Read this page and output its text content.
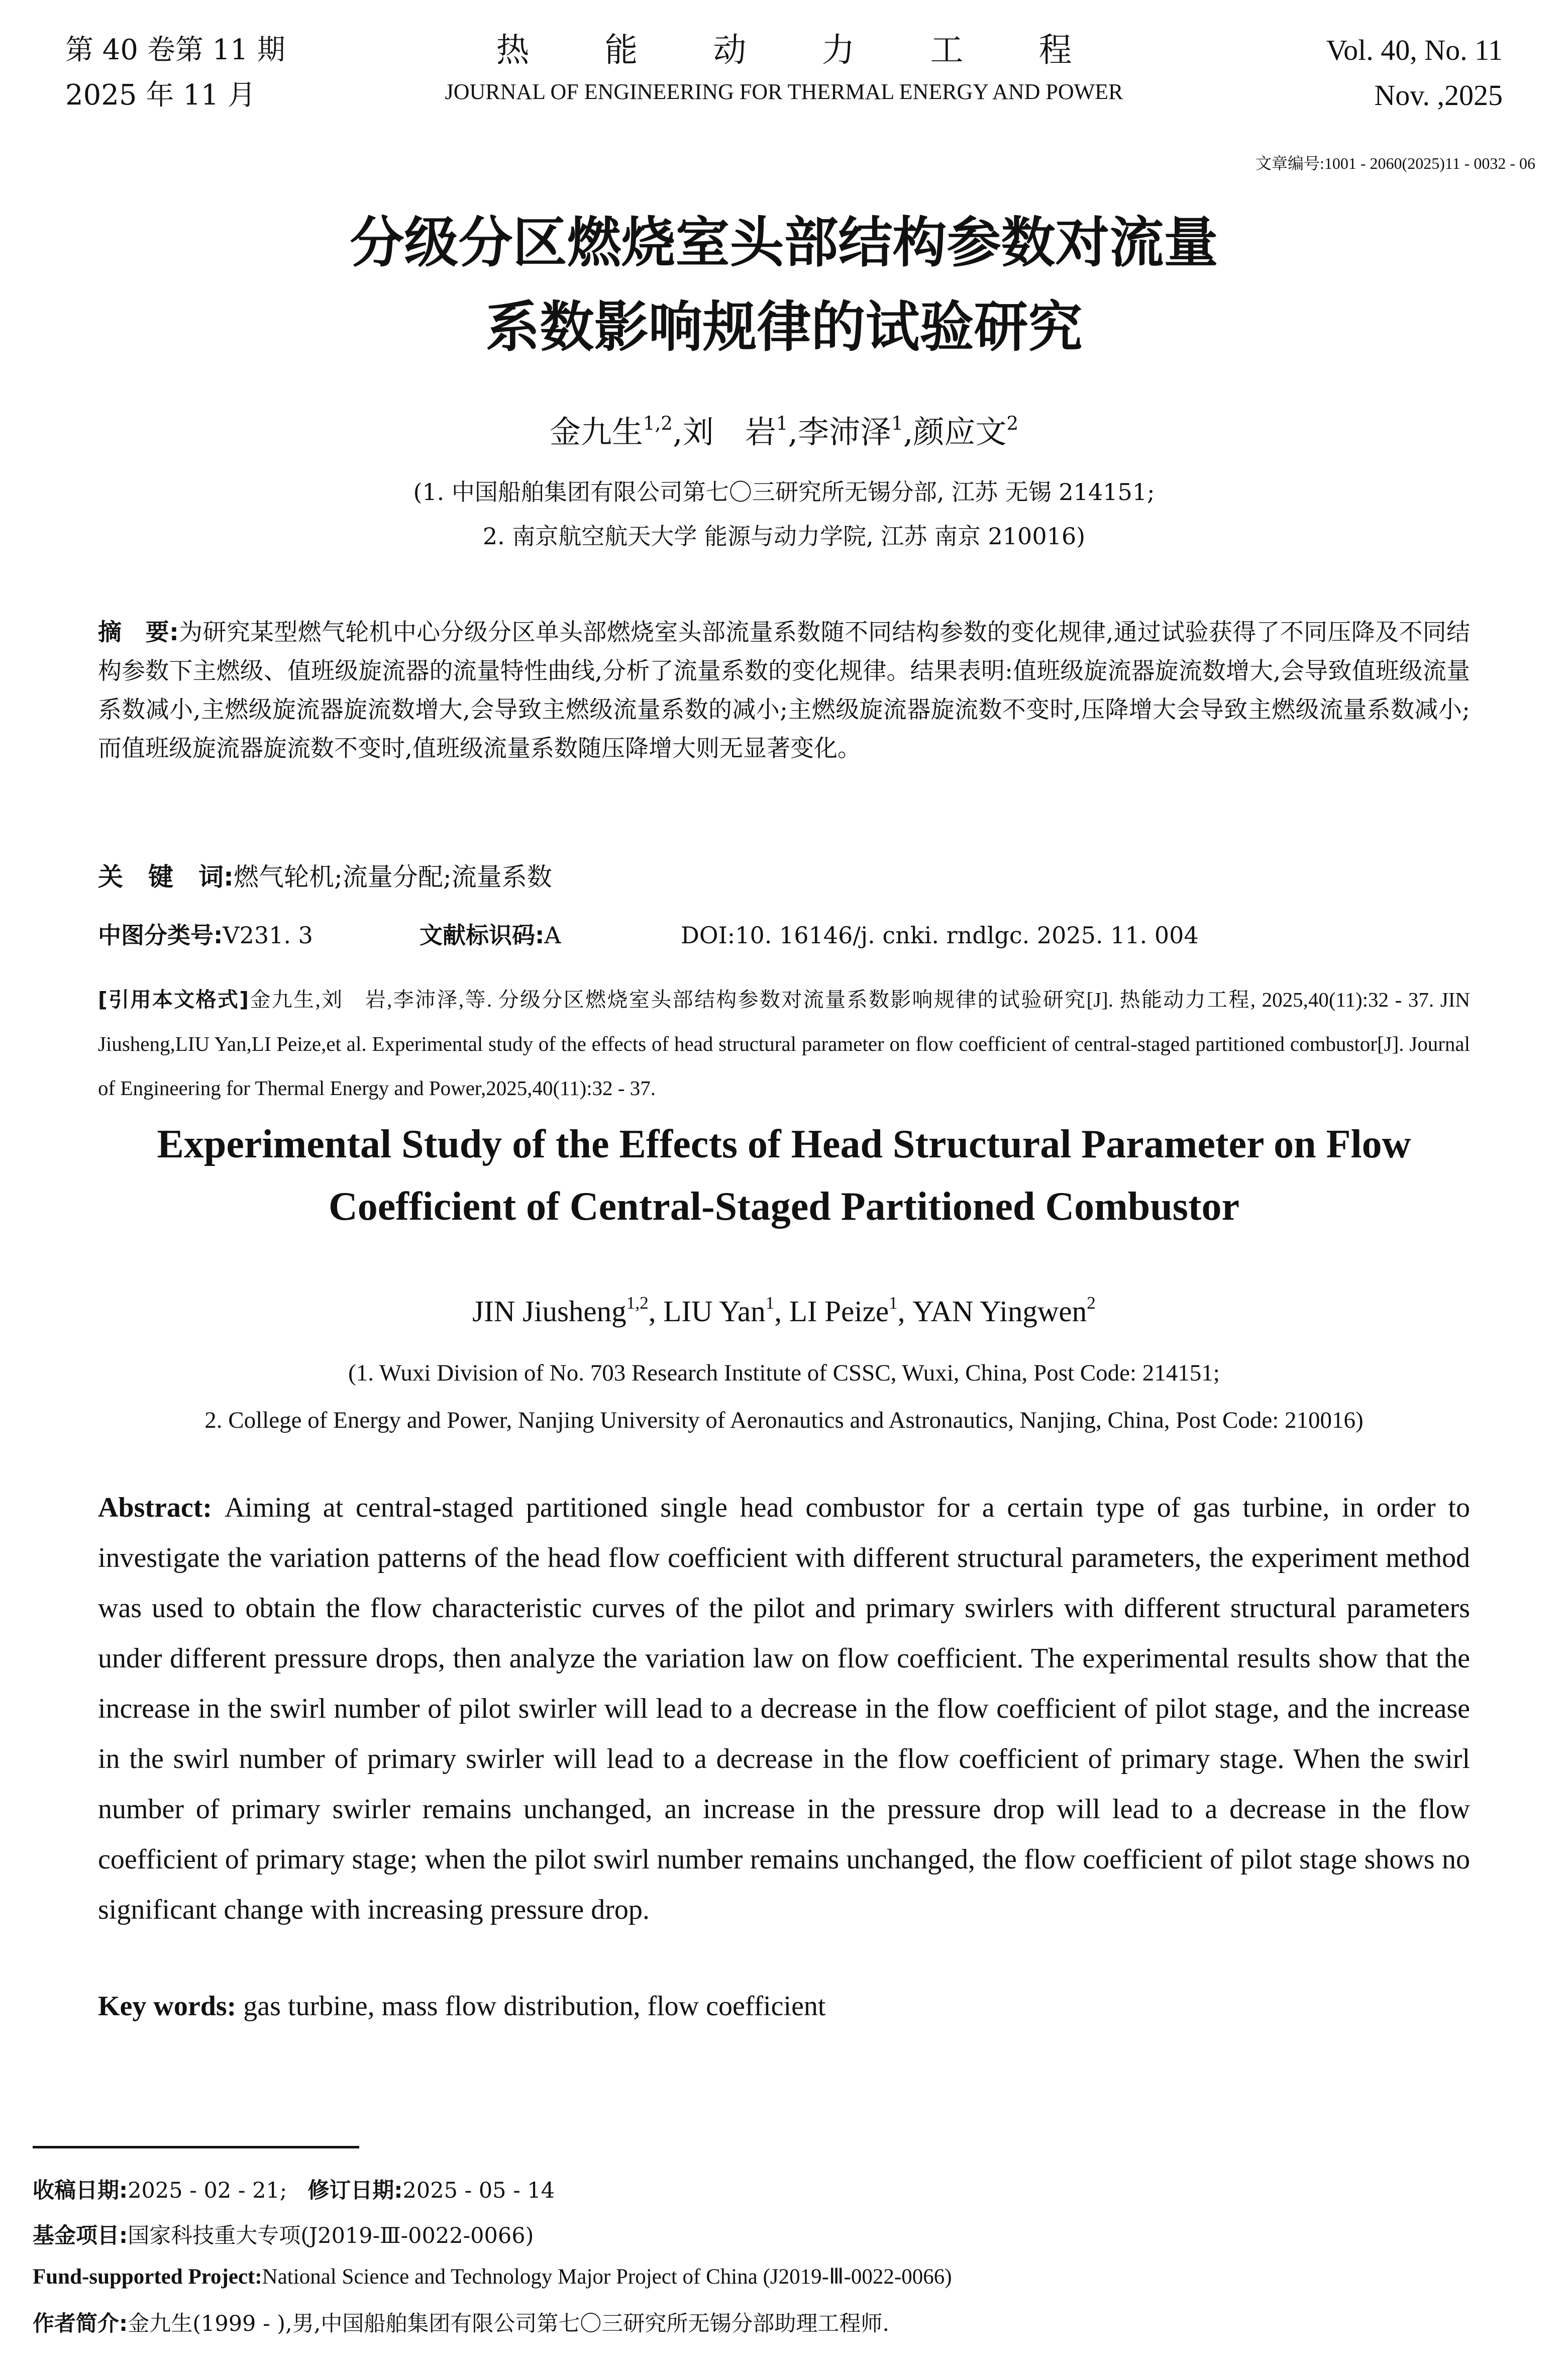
第 40 卷第 11 期
2025 年 11 月
热能动力工程
JOURNAL OF ENGINEERING FOR THERMAL ENERGY AND POWER
Vol. 40, No. 11
Nov. ,2025
文章编号:1001 - 2060(2025)11 - 0032 - 06
分级分区燃烧室头部结构参数对流量
系数影响规律的试验研究
金九生$^{1,2}$,刘　岩$^1$,李沛泽$^1$,颜应文$^2$
(1. 中国船舶集团有限公司第七〇三研究所无锡分部, 江苏 无锡 214151;
2. 南京航空航天大学 能源与动力学院, 江苏 南京 210016)
摘　要:为研究某型燃气轮机中心分级分区单头部燃烧室头部流量系数随不同结构参数的变化规律,通过试验获得了不同压降及不同结构参数下主燃级、值班级旋流器的流量特性曲线,分析了流量系数的变化规律。结果表明:值班级旋流器旋流数增大,会导致值班级流量系数减小,主燃级旋流器旋流数增大,会导致主燃级流量系数的减小;主燃级旋流器旋流数不变时,压降增大会导致主燃级流量系数减小;而值班级旋流器旋流数不变时,值班级流量系数随压降增大则无显著变化。
关　键　词:燃气轮机;流量分配;流量系数
中图分类号:V231. 3	文献标识码:A	DOI:10. 16146/j. cnki. rndlgc. 2025. 11. 004
[引用本文格式]金九生,刘　岩,李沛泽,等. 分级分区燃烧室头部结构参数对流量系数影响规律的试验研究[J]. 热能动力工程, 2025,40(11):32 - 37. JIN Jiusheng,LIU Yan,LI Peize,et al. Experimental study of the effects of head structural parameter on flow coefficient of central-staged partitioned combustor[J]. Journal of Engineering for Thermal Energy and Power,2025,40(11):32 - 37.
Experimental Study of the Effects of Head Structural Parameter on Flow
Coefficient of Central-Staged Partitioned Combustor
JIN Jiusheng$^{1,2}$, LIU Yan$^1$, LI Peize$^1$, YAN Yingwen$^2$
(1. Wuxi Division of No. 703 Research Institute of CSSC, Wuxi, China, Post Code: 214151;
2. College of Energy and Power, Nanjing University of Aeronautics and Astronautics, Nanjing, China, Post Code: 210016)
Abstract: Aiming at central-staged partitioned single head combustor for a certain type of gas turbine, in order to investigate the variation patterns of the head flow coefficient with different structural parameters, the experiment method was used to obtain the flow characteristic curves of the pilot and primary swirlers with different structural parameters under different pressure drops, then analyze the variation law on flow coefficient. The experimental results show that the increase in the swirl number of pilot swirler will lead to a decrease in the flow coefficient of pilot stage, and the increase in the swirl number of primary swirler will lead to a decrease in the flow coefficient of primary stage. When the swirl number of primary swirler remains unchanged, an increase in the pressure drop will lead to a decrease in the flow coefficient of primary stage; when the pilot swirl number remains unchanged, the flow coefficient of pilot stage shows no significant change with increasing pressure drop.
Key words: gas turbine, mass flow distribution, flow coefficient
收稿日期:2025 - 02 - 21; 修订日期:2025 - 05 - 14
基金项目:国家科技重大专项(J2019-Ⅲ-0022-0066)
Fund-supported Project:National Science and Technology Major Project of China (J2019-Ⅲ-0022-0066)
作者简介:金九生(1999 - ),男,中国船舶集团有限公司第七〇三研究所无锡分部助理工程师.
